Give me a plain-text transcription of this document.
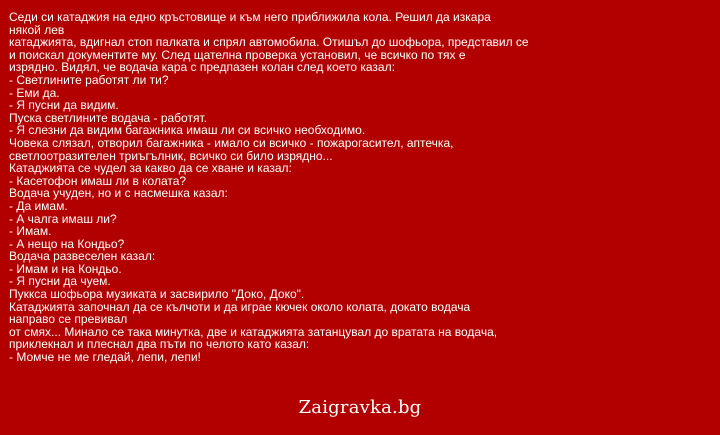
Седи си катаджия на едно кръстовище и към него приближила кола. Решил да изкара
някой лев
катаджията, вдигнал стоп палката и спрял автомобила. Отишъл до шофьора, представил се
и поискал документите му. След щателна проверка установил, че всичко по тях е
изрядно. Видял, че водача кара с предпазен колан след което казал:
- Светлините работят ли ти?
- Еми да.
- Я пусни да видим.
Пуска светлините водача - работят.
- Я слезни да видим багажника имаш ли си всичко необходимо.
Човека слязал, отворил багажника - имало си всичко - пожарогасител, аптечка,
светлоотразителен триъгълник, всичко си било изрядно...
Катаджията се чудел за какво да се хване и казал:
- Касетофон имаш ли в колата?
Водача учуден, но и с насмешка казал:
- Да имам.
- А чалга имаш ли?
- Имам.
- А нещо на Кондьо?
Водача развеселен казал:
- Имам и на Кондьо.
- Я пусни да чуем.
Пуккса шофьора музиката и засвирило "Доко, Доко".
Катаджията започнал да се кълчоти и да играе кючек около колата, докато водача
направо се превивал
от смях... Минало се така минутка, две и катаджията затанцувал до вратата на водача,
приклекнал и плеснал два пъти по челото като казал:
- Момче не ме гледай, лепи, лепи!
Zaigravka.bg
